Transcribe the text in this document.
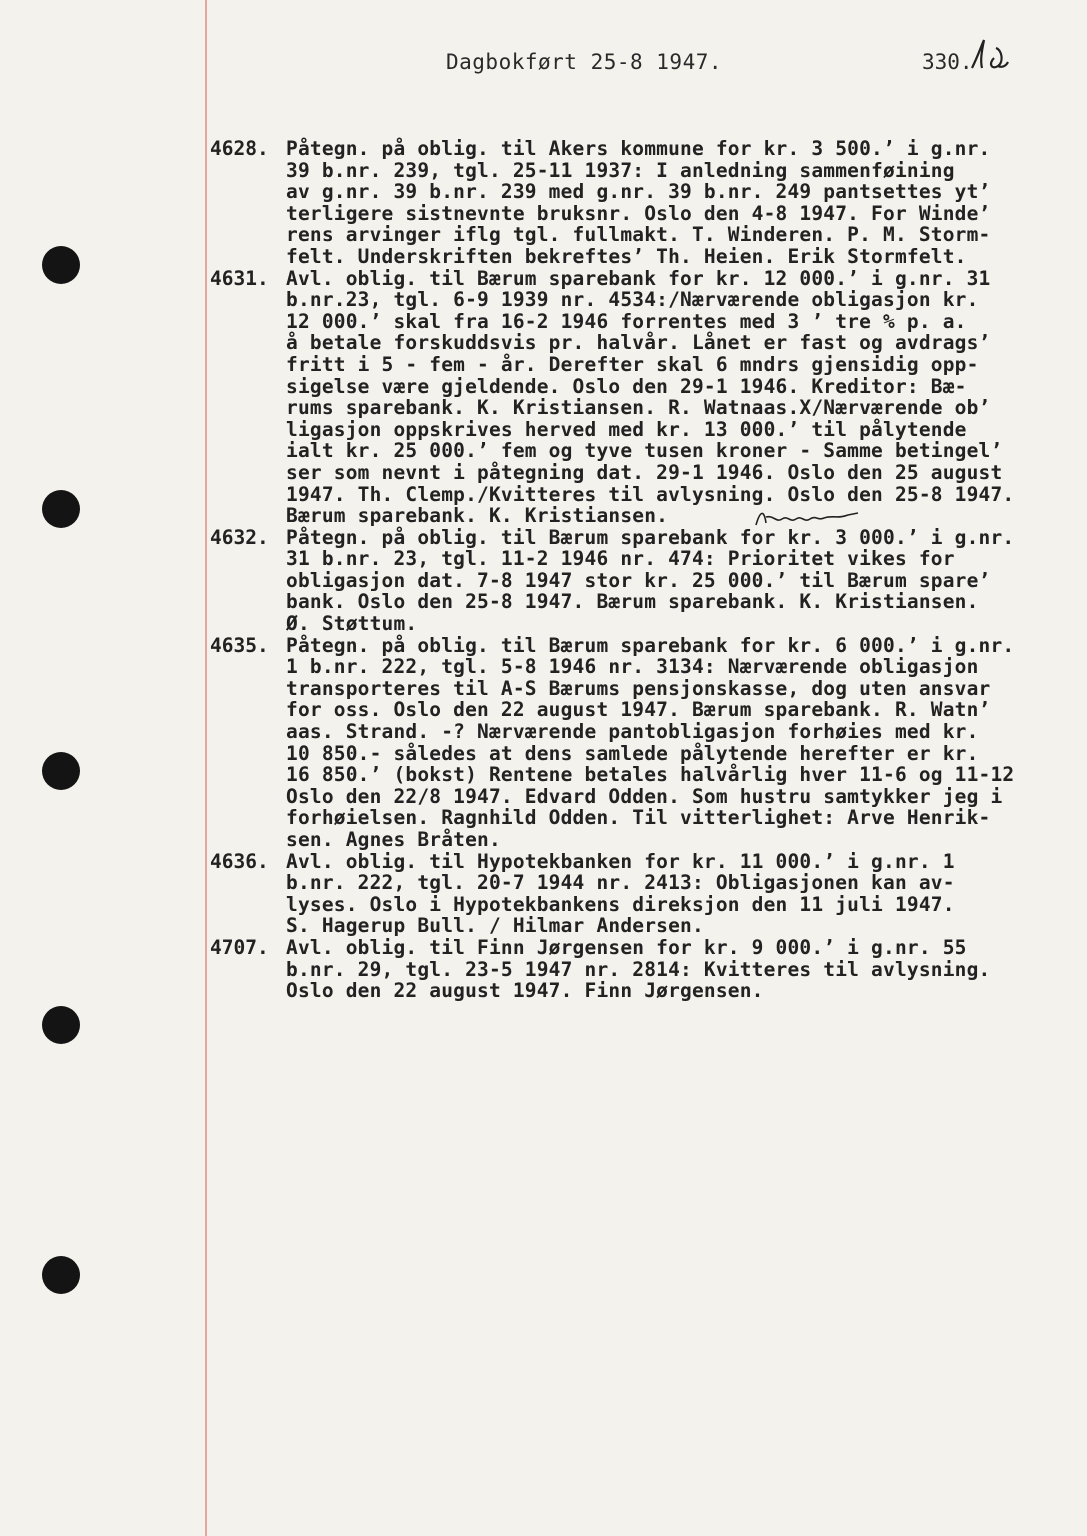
Dagbokført 25-8 1947.	330.
4628. Påtegn. på oblig. til Akers kommune for kr. 3 500.’ i g.nr.
39 b.nr. 239, tgl. 25-11 1937: I anledning sammenføining
av g.nr. 39 b.nr. 239 med g.nr. 39 b.nr. 249 pantsettes yt’
terligere sistnevnte bruksnr. Oslo den 4-8 1947. For Winde’
rens arvinger iflg tgl. fullmakt. T. Winderen. P. M. Storm-
felt. Underskriften bekreftes’ Th. Heien. Erik Stormfelt.
4631. Avl. oblig. til Bærum sparebank for kr. 12 000.’ i g.nr. 31
b.nr.23, tgl. 6-9 1939 nr. 4534:/Nærværende obligasjon kr.
12 000.’ skal fra 16-2 1946 forrentes med 3 ’ tre % p. a.
å betale forskuddsvis pr. halvår. Lånet er fast og avdrags’
fritt i 5 - fem - år. Derefter skal 6 mndrs gjensidig opp-
sigelse være gjeldende. Oslo den 29-1 1946. Kreditor: Bæ-
rums sparebank. K. Kristiansen. R. Watnaas.X/Nærværende ob’
ligasjon oppskrives herved med kr. 13 000.’ til pålytende
ialt kr. 25 000.’ fem og tyve tusen kroner - Samme betingel’
ser som nevnt i påtegning dat. 29-1 1946. Oslo den 25 august
1947. Th. Clemp./Kvitteres til avlysning. Oslo den 25-8 1947.
Bærum sparebank. K. Kristiansen.
4632. Påtegn. på oblig. til Bærum sparebank for kr. 3 000.’ i g.nr.
31 b.nr. 23, tgl. 11-2 1946 nr. 474: Prioritet vikes for
obligasjon dat. 7-8 1947 stor kr. 25 000.’ til Bærum spare’
bank. Oslo den 25-8 1947. Bærum sparebank. K. Kristiansen.
Ø. Støttum.
4635. Påtegn. på oblig. til Bærum sparebank for kr. 6 000.’ i g.nr.
1 b.nr. 222, tgl. 5-8 1946 nr. 3134: Nærværende obligasjon
transporteres til A-S Bærums pensjonskasse, dog uten ansvar
for oss. Oslo den 22 august 1947. Bærum sparebank. R. Watn’
aas. Strand. -? Nærværende pantobligasjon forhøies med kr.
10 850.- således at dens samlede pålytende herefter er kr.
16 850.’ (bokst) Rentene betales halvårlig hver 11-6 og 11-12
Oslo den 22/8 1947. Edvard Odden. Som hustru samtykker jeg i
forhøielsen. Ragnhild Odden. Til vitterlighet: Arve Henrik-
sen. Agnes Bråten.
4636. Avl. oblig. til Hypotekbanken for kr. 11 000.’ i g.nr. 1
b.nr. 222, tgl. 20-7 1944 nr. 2413: Obligasjonen kan av-
lyses. Oslo i Hypotekbankens direksjon den 11 juli 1947.
S. Hagerup Bull. / Hilmar Andersen.
4707. Avl. oblig. til Finn Jørgensen for kr. 9 000.’ i g.nr. 55
b.nr. 29, tgl. 23-5 1947 nr. 2814: Kvitteres til avlysning.
Oslo den 22 august 1947. Finn Jørgensen.
